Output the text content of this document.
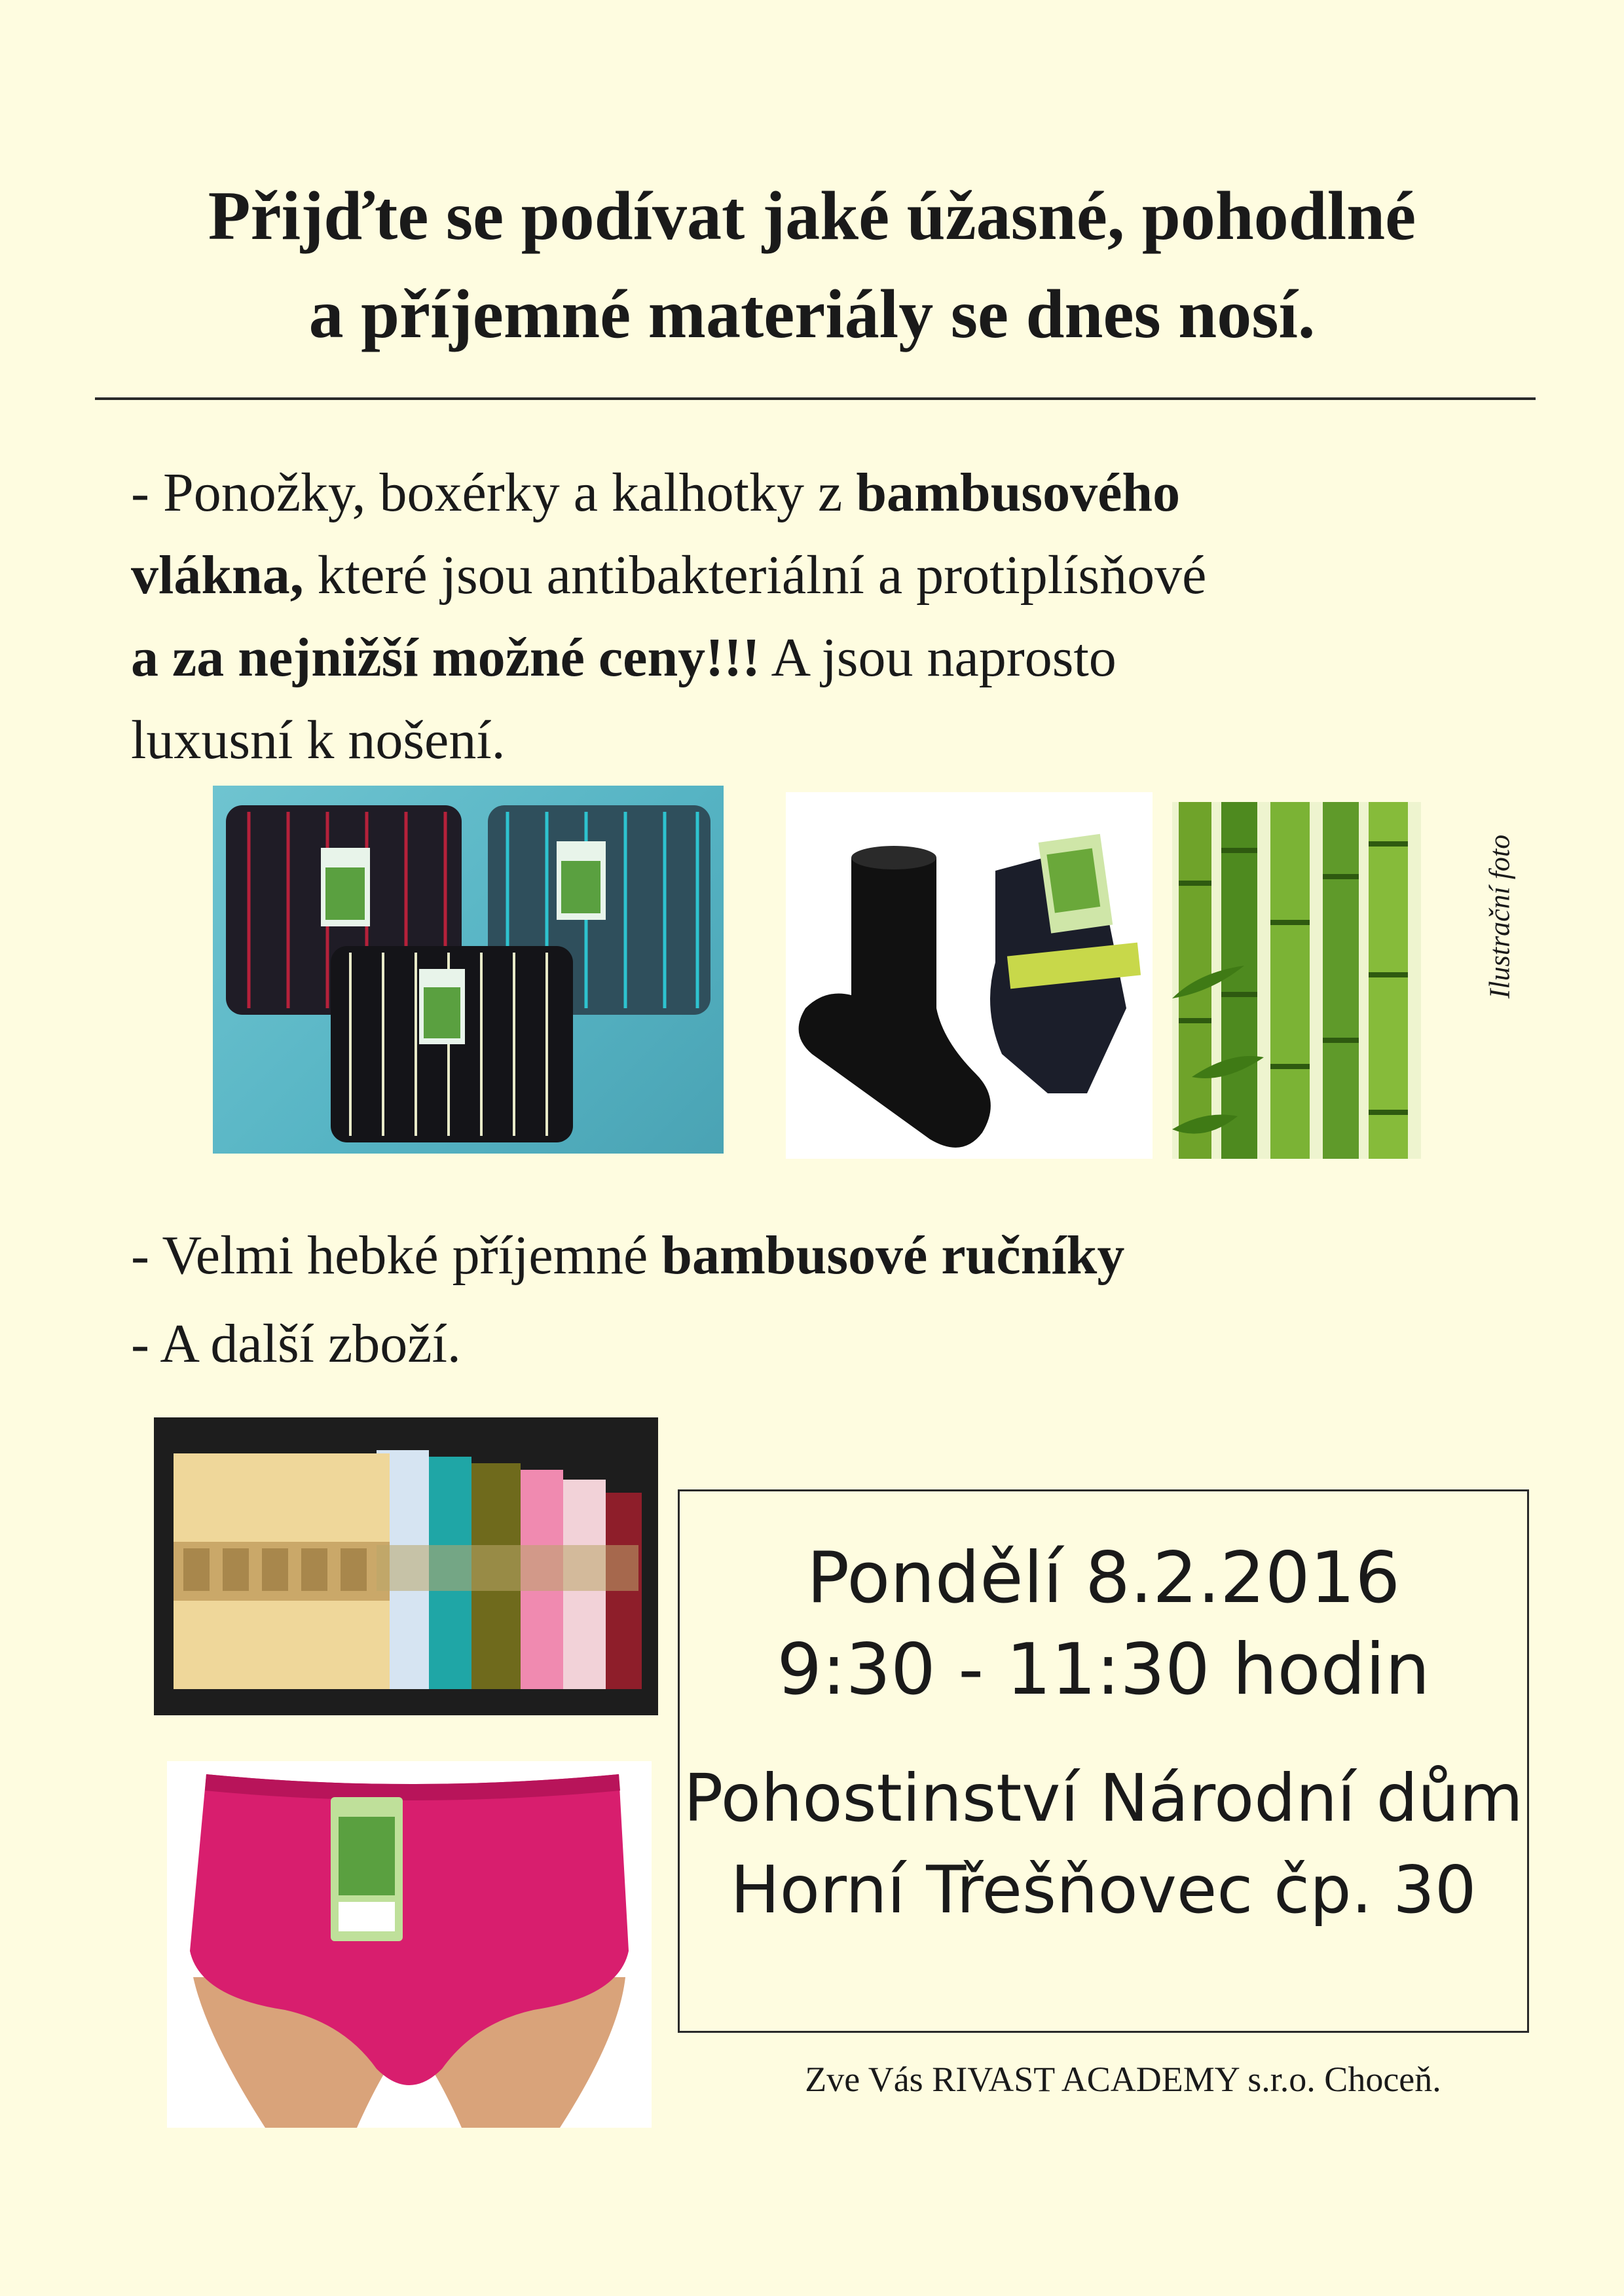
Přijďte se podívat jaké úžasné, pohodlné
a příjemné materiály se dnes nosí.
- Ponožky, boxérky a kalhotky z bambusového
vlákna, které jsou antibakteriální a protiplísňové
a za nejnižší možné ceny!!! A jsou naprosto
luxusní k nošení.
Ilustrační foto
- Velmi hebké příjemné bambusové ručníky
- A další zboží.
Pondělí 8.2.2016
9:30 - 11:30 hodin
Pohostinství Národní dům
Horní Třešňovec čp. 30
Zve Vás RIVAST ACADEMY s.r.o. Choceň.
